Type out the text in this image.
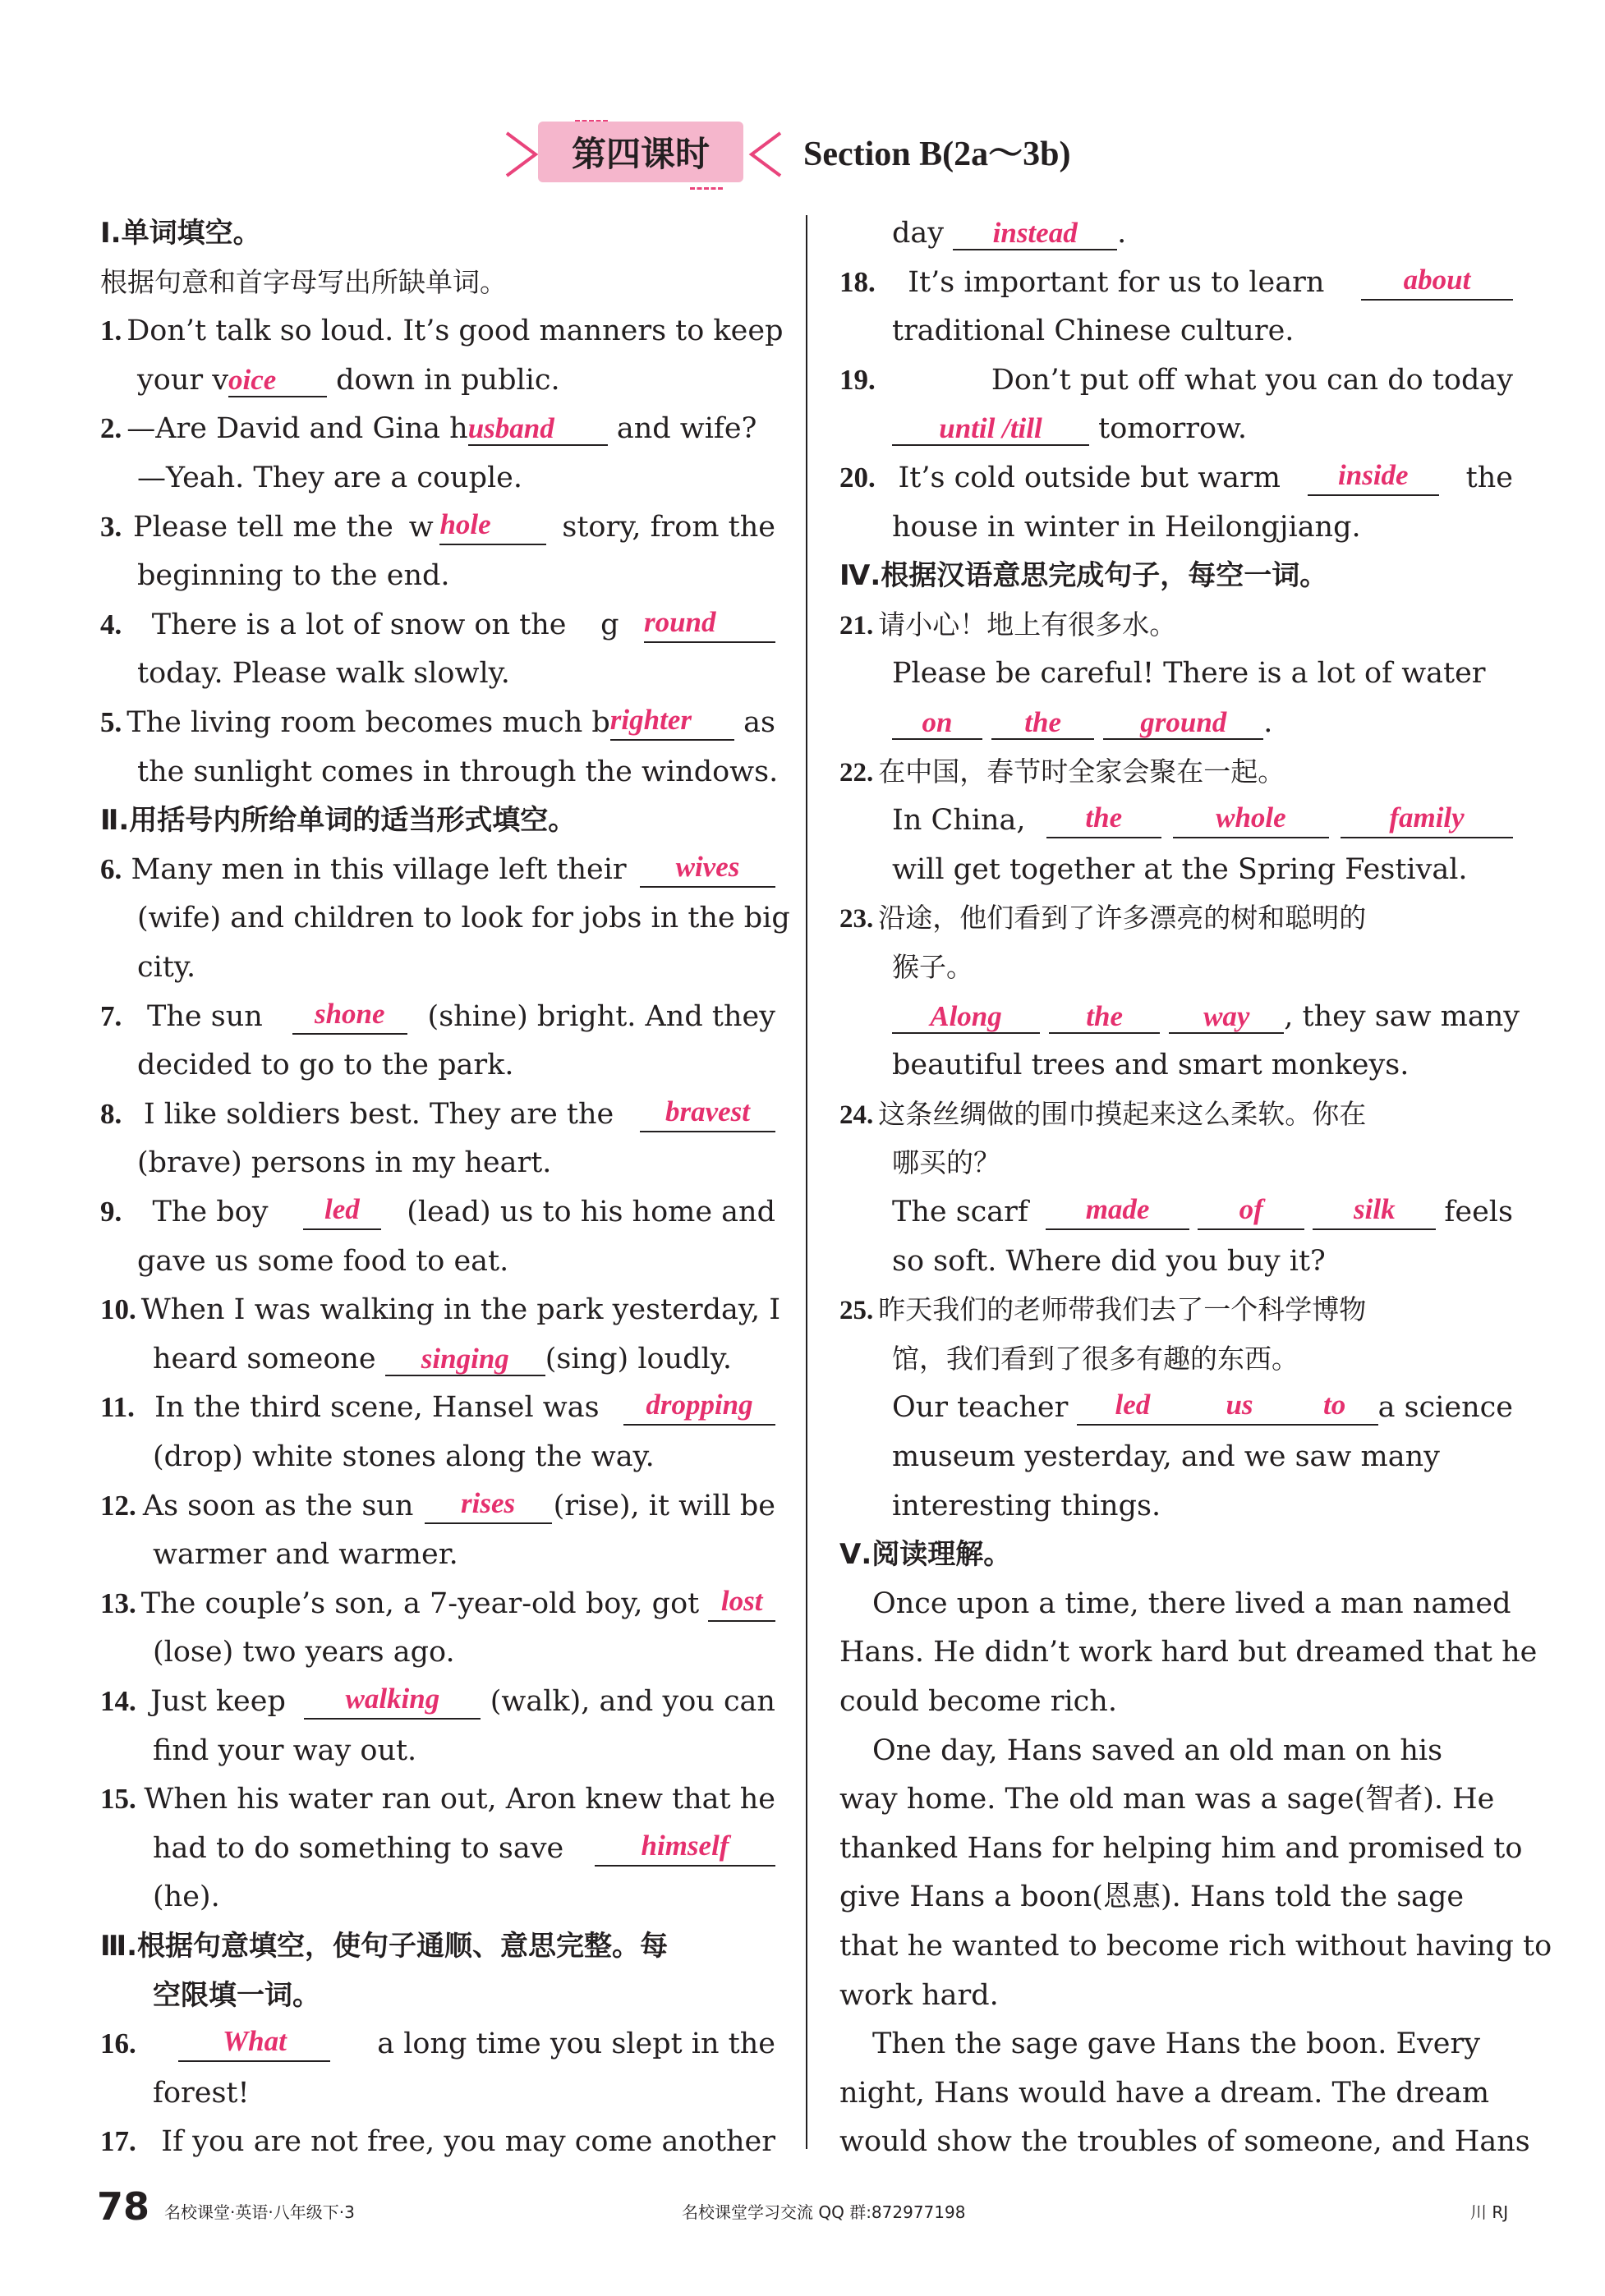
第四课时	Section B(2a～3b)
Ⅰ.单词填空。
根据句意和首字母写出所缺单词。
1. Don’t talk so loud. It’s good manners to keep
your voice down in public.
2. —Are David and Gina husband and wife?
—Yeah. They are a couple.
3. Please tell me the w hole	story, from the
beginning to the end.
4. There is a lot of snow on the g round
today. Please walk slowly.
5. The living room becomes much b righter	as
the sunlight comes in through the windows.
Ⅱ.用括号内所给单词的适当形式填空。
6. Many men in this village left their	wives
(wife) and children to look for jobs in the big
city.
7. The sun	shone	(shine) bright. And they
decided to go to the park.
8. I like soldiers best. They are the	bravest
(brave) persons in my heart.
9. The boy	led	(lead) us to his home and
gave us some food to eat.
10. When I was walking in the park yesterday, I
heard someone singing (sing) loudly.
11. In the third scene, Hansel was	dropping
(drop) white stones along the way.
12. As soon as the sun	rises	(rise), it will be
warmer and warmer.
13. The couple’s son, a 7-year-old boy, got lost
(lose) two years ago.
14. Just keep	walking	(walk), and you can
find your way out.
15. When his water ran out, Aron knew that he
had to do something to save	himself
(he).
Ⅲ.根据句意填空，使句子通顺、意思完整。每
空限填一词。
16.	What	a long time you slept in the
forest!
17. If you are not free, you may come another
day instead .
18. It’s important for us to learn	about
traditional Chinese culture.
19.	Don’t put off what you can do today
until /till tomorrow.
20. It’s cold outside but warm	inside	the
house in winter in Heilongjiang.
Ⅳ.根据汉语意思完成句子，每空一词。
21. 请小心！地上有很多水。
Please be careful! There is a lot of water
on	the	ground .
22. 在中国，春节时全家会聚在一起。
In China,	the	whole	family
will get together at the Spring Festival.
23. 沿途，他们看到了许多漂亮的树和聪明的
猴子。
Along	the	way , they saw many
beautiful trees and smart monkeys.
24. 这条丝绸做的围巾摸起来这么柔软。你在
哪买的？
The scarf	made	of	silk	feels
so soft. Where did you buy it?
25. 昨天我们的老师带我们去了一个科学博物
馆，我们看到了很多有趣的东西。
Our teacher	led	us	to	a science
museum yesterday, and we saw many
interesting things.
Ⅴ.阅读理解。
Once upon a time, there lived a man named
Hans. He didn’t work hard but dreamed that he
could become rich.
One day, Hans saved an old man on his
way home. The old man was a sage(智者). He
thanked Hans for helping him and promised to
give Hans a boon(恩惠). Hans told the sage
that he wanted to become rich without having to
work hard.
Then the sage gave Hans the boon. Every
night, Hans would have a dream. The dream
would show the troubles of someone, and Hans
78 名校课堂·英语·八年级下·3	名校课堂学习交流 QQ 群:872977198	川 RJ
